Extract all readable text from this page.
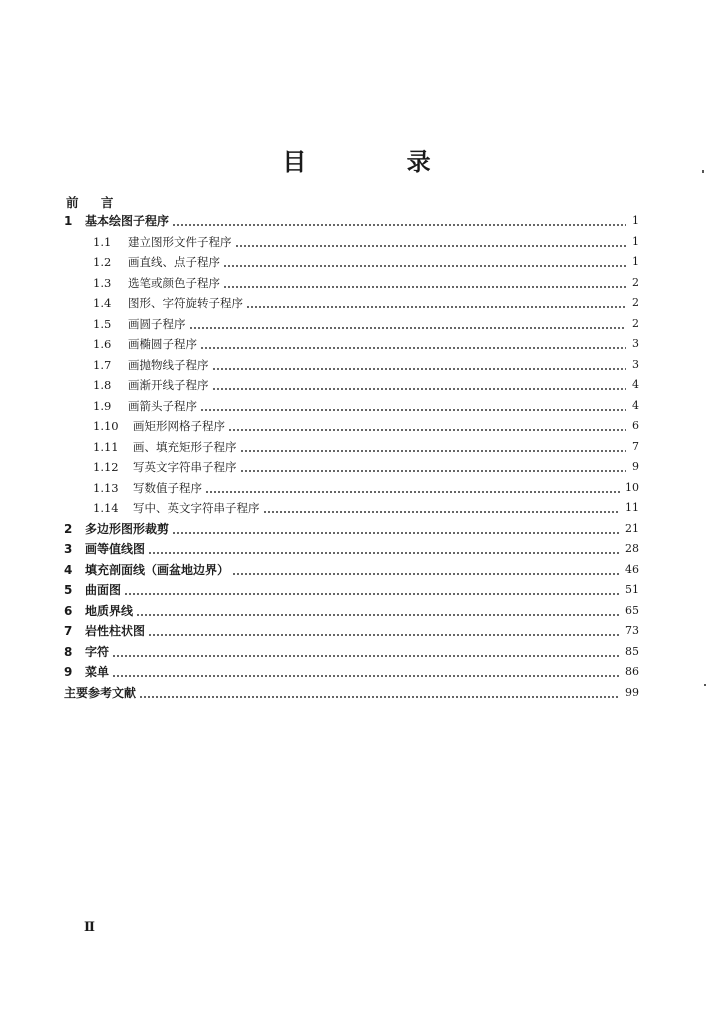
目 录
前 言
1	基本绘图子程序	1
1.1	建立图形文件子程序	1
1.2	画直线、点子程序	1
1.3	选笔或颜色子程序	2
1.4	图形、字符旋转子程序	2
1.5	画圆子程序	2
1.6	画椭圆子程序	3
1.7	画抛物线子程序	3
1.8	画渐开线子程序	4
1.9	画箭头子程序	4
1.10	画矩形网格子程序	6
1.11	画、填充矩形子程序	7
1.12	写英文字符串子程序	9
1.13	写数值子程序	10
1.14	写中、英文字符串子程序	11
2	多边形图形裁剪	21
3	画等值线图	28
4	填充剖面线（画盆地边界）	46
5	曲面图	51
6	地质界线	65
7	岩性柱状图	73
8	字符	85
9	菜单	86
主要参考文献	99
Ⅱ
